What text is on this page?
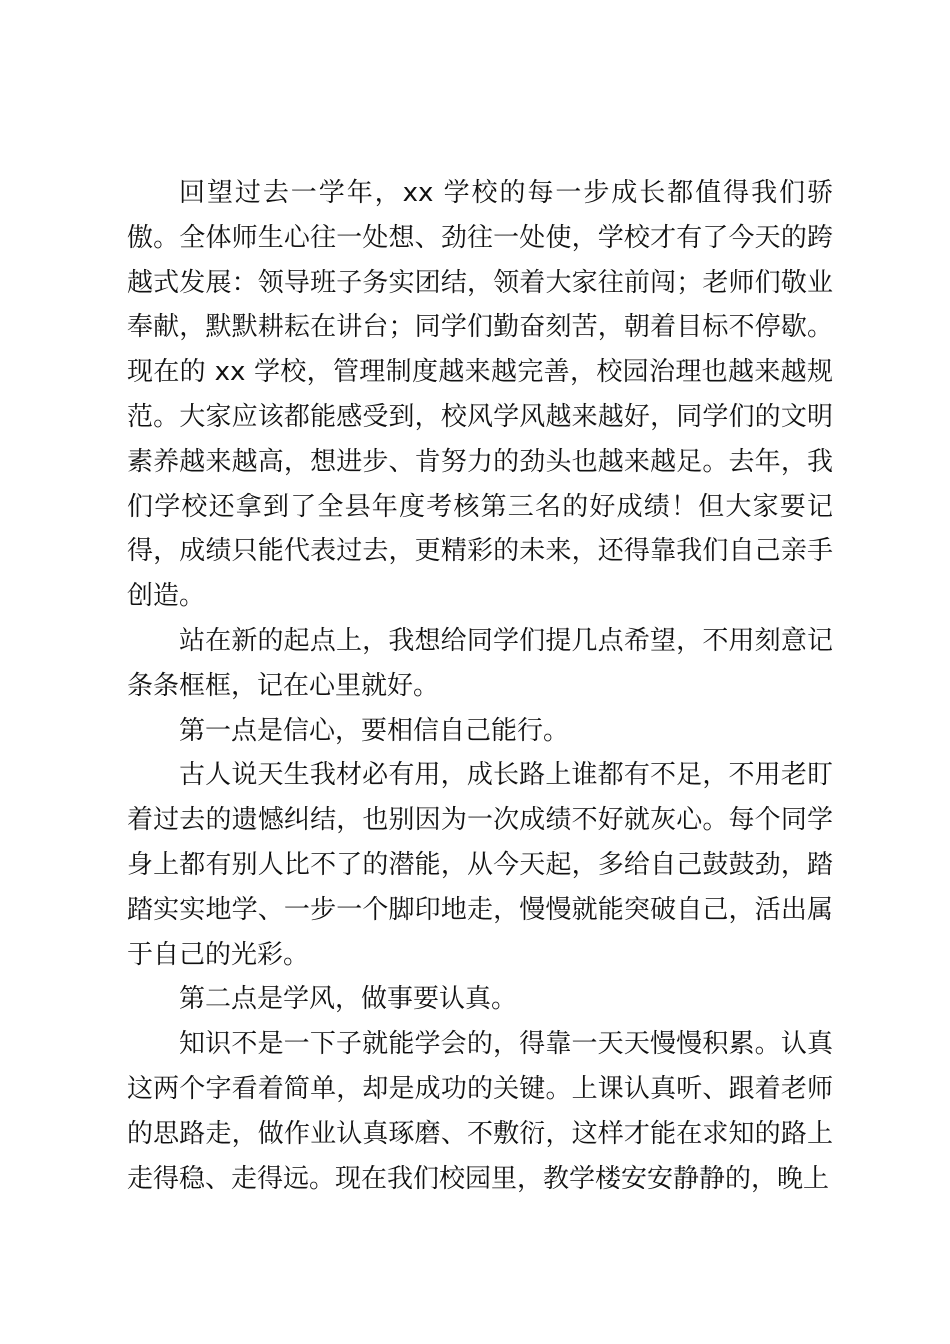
回望过去一学年，xx 学校的每一步成长都值得我们骄傲。全体师生心往一处想、劲往一处使，学校才有了今天的跨越式发展：领导班子务实团结，领着大家往前闯；老师们敬业奉献，默默耕耘在讲台；同学们勤奋刻苦，朝着目标不停歇。现在的 xx 学校，管理制度越来越完善，校园治理也越来越规范。大家应该都能感受到，校风学风越来越好，同学们的文明素养越来越高，想进步、肯努力的劲头也越来越足。去年，我们学校还拿到了全县年度考核第三名的好成绩！但大家要记得，成绩只能代表过去，更精彩的未来，还得靠我们自己亲手创造。

站在新的起点上，我想给同学们提几点希望，不用刻意记条条框框，记在心里就好。

第一点是信心，要相信自己能行。

古人说天生我材必有用，成长路上谁都有不足，不用老盯着过去的遗憾纠结，也别因为一次成绩不好就灰心。每个同学身上都有别人比不了的潜能，从今天起，多给自己鼓鼓劲，踏踏实实地学、一步一个脚印地走，慢慢就能突破自己，活出属于自己的光彩。

第二点是学风，做事要认真。

知识不是一下子就能学会的，得靠一天天慢慢积累。认真这两个字看着简单，却是成功的关键。上课认真听、跟着老师的思路走，做作业认真琢磨、不敷衍，这样才能在求知的路上走得稳、走得远。现在我们校园里，教学楼安安静静的，晚上
